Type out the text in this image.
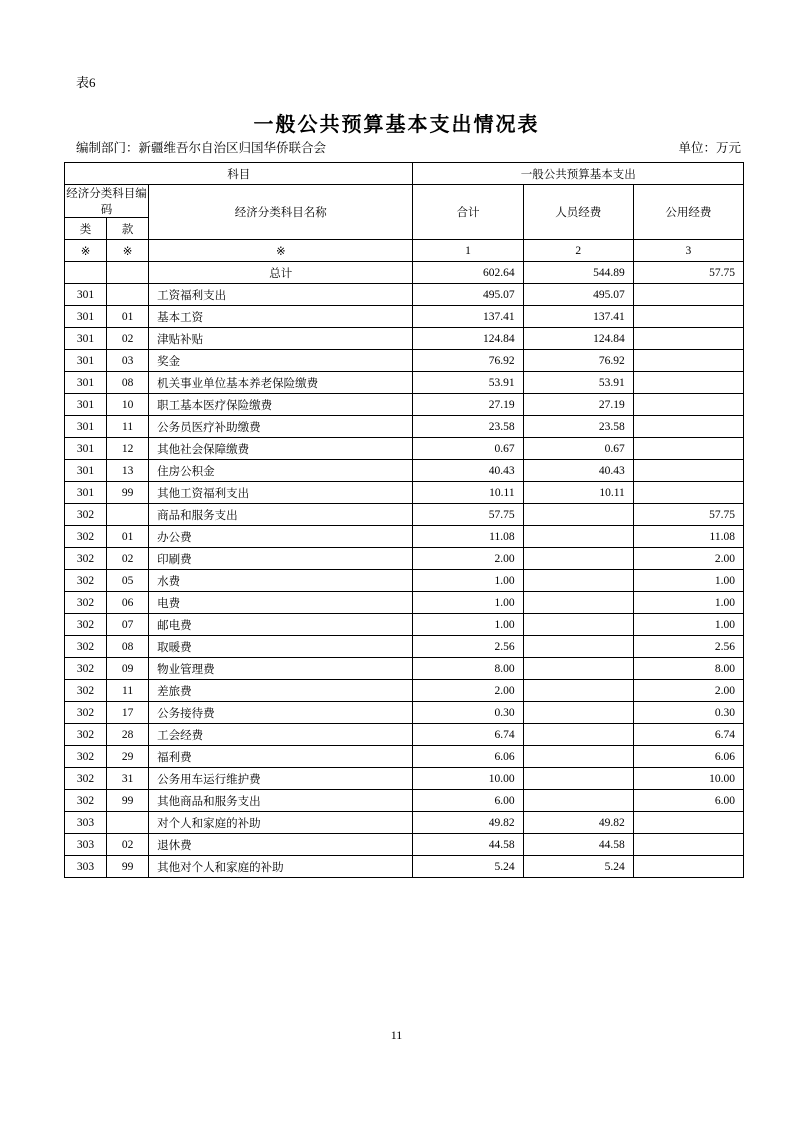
表6
一般公共预算基本支出情况表
编制部门：新疆维吾尔自治区归国华侨联合会	单位：万元
科目			一般公共预算基本支出		
经济分类科目编码		经济分类科目名称	合计	人员经费	公用经费
类	款				
※	※	※	1	2	3
		总计	602.64	544.89	57.75
301		工资福利支出	495.07	495.07	
301	01	基本工资	137.41	137.41	
301	02	津贴补贴	124.84	124.84	
301	03	奖金	76.92	76.92	
301	08	机关事业单位基本养老保险缴费	53.91	53.91	
301	10	职工基本医疗保险缴费	27.19	27.19	
301	11	公务员医疗补助缴费	23.58	23.58	
301	12	其他社会保障缴费	0.67	0.67	
301	13	住房公积金	40.43	40.43	
301	99	其他工资福利支出	10.11	10.11	
302		商品和服务支出	57.75		57.75
302	01	办公费	11.08		11.08
302	02	印刷费	2.00		2.00
302	05	水费	1.00		1.00
302	06	电费	1.00		1.00
302	07	邮电费	1.00		1.00
302	08	取暖费	2.56		2.56
302	09	物业管理费	8.00		8.00
302	11	差旅费	2.00		2.00
302	17	公务接待费	0.30		0.30
302	28	工会经费	6.74		6.74
302	29	福利费	6.06		6.06
302	31	公务用车运行维护费	10.00		10.00
302	99	其他商品和服务支出	6.00		6.00
303		对个人和家庭的补助	49.82	49.82	
303	02	退休费	44.58	44.58	
303	99	其他对个人和家庭的补助	5.24	5.24	
11
